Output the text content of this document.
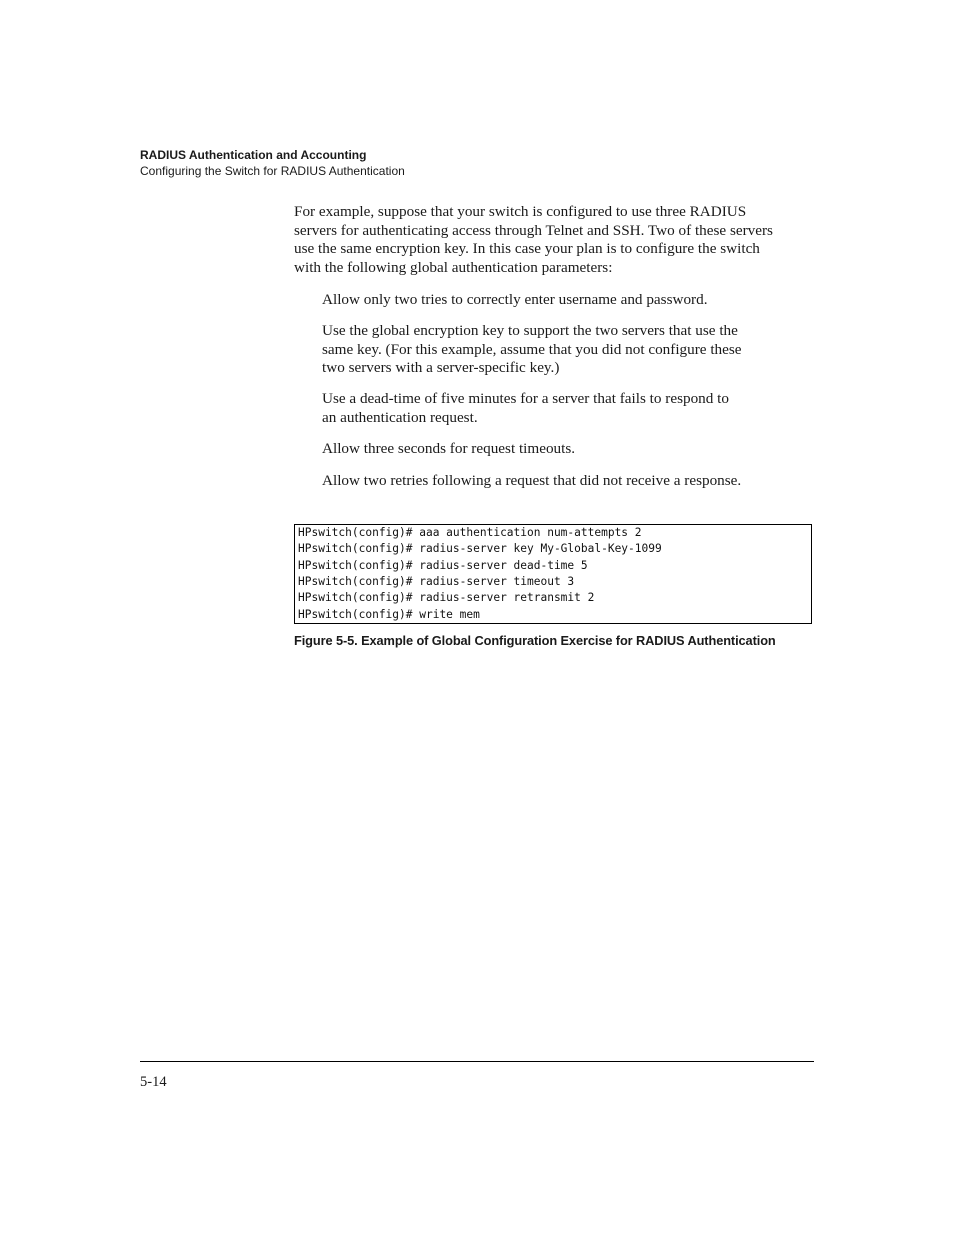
RADIUS Authentication and Accounting
Configuring the Switch for RADIUS Authentication

For example, suppose that your switch is configured to use three RADIUS
servers for authenticating access through Telnet and SSH. Two of these servers
use the same encryption key. In this case your plan is to configure the switch
with the following global authentication parameters:

Allow only two tries to correctly enter username and password.
Use the global encryption key to support the two servers that use the
same key. (For this example, assume that you did not configure these
two servers with a server-specific key.)
Use a dead-time of five minutes for a server that fails to respond to
an authentication request.
Allow three seconds for request timeouts.
Allow two retries following a request that did not receive a response.
HPswitch(config)# aaa authentication num-attempts 2
HPswitch(config)# radius-server key My-Global-Key-1099
HPswitch(config)# radius-server dead-time 5
HPswitch(config)# radius-server timeout 3
HPswitch(config)# radius-server retransmit 2
HPswitch(config)# write mem
Figure 5-5. Example of Global Configuration Exercise for RADIUS Authentication
5-14
